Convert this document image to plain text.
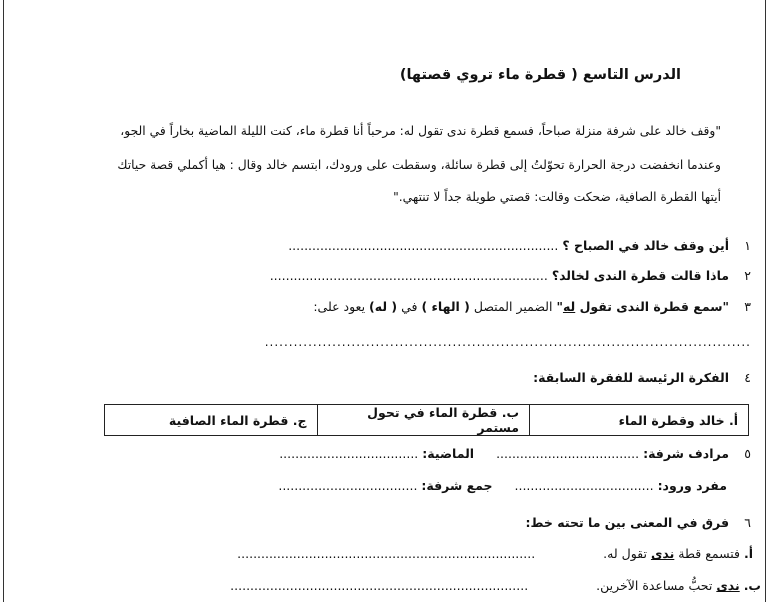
الدرس التاسع ( قطرة ماء تروي قصتها)
"وقف خالد على شرفة منزلة صباحاً، فسمع قطرة ندى تقول له: مرحباً أنا قطرة ماء، كنت الليلة الماضية بخاراً في الجو،
وعندما انخفضت درجة الحرارة تحوّلتُ إلى قطرة سائلة، وسقطت على ورودك، ابتسم خالد وقال : هيا أكملي قصة حياتك
أيتها القطرة الصافية، ضحكت وقالت: قصتي طويلة جداً لا تنتهي."
١ أين وقف خالد في الصباح ؟ ....................................................................
٢ ماذا قالت قطرة الندى لخالد؟ ......................................................................
٣ "سمع قطرة الندى تقول له" الضمير المتصل ( الهاء ) في ( له) يعود على:
.....................................................................................................
٤ الفكرة الرئيسة للفقرة السابقة:
أ. خالد وقطرة الماء	ب. قطرة الماء في تحول مستمر	ج. قطرة الماء الصافية
٥ مرادف شرفة: ....................................  الماضية: ...................................
مفرد ورود: ...................................  جمع شرفة: ...................................
٦ فرق في المعنى بين ما تحته خط:
أ. فتسمع قطة ندى تقول له.  ...........................................................................
ب. ندى تحبُّ مساعدة الآخرين.  ...........................................................................
